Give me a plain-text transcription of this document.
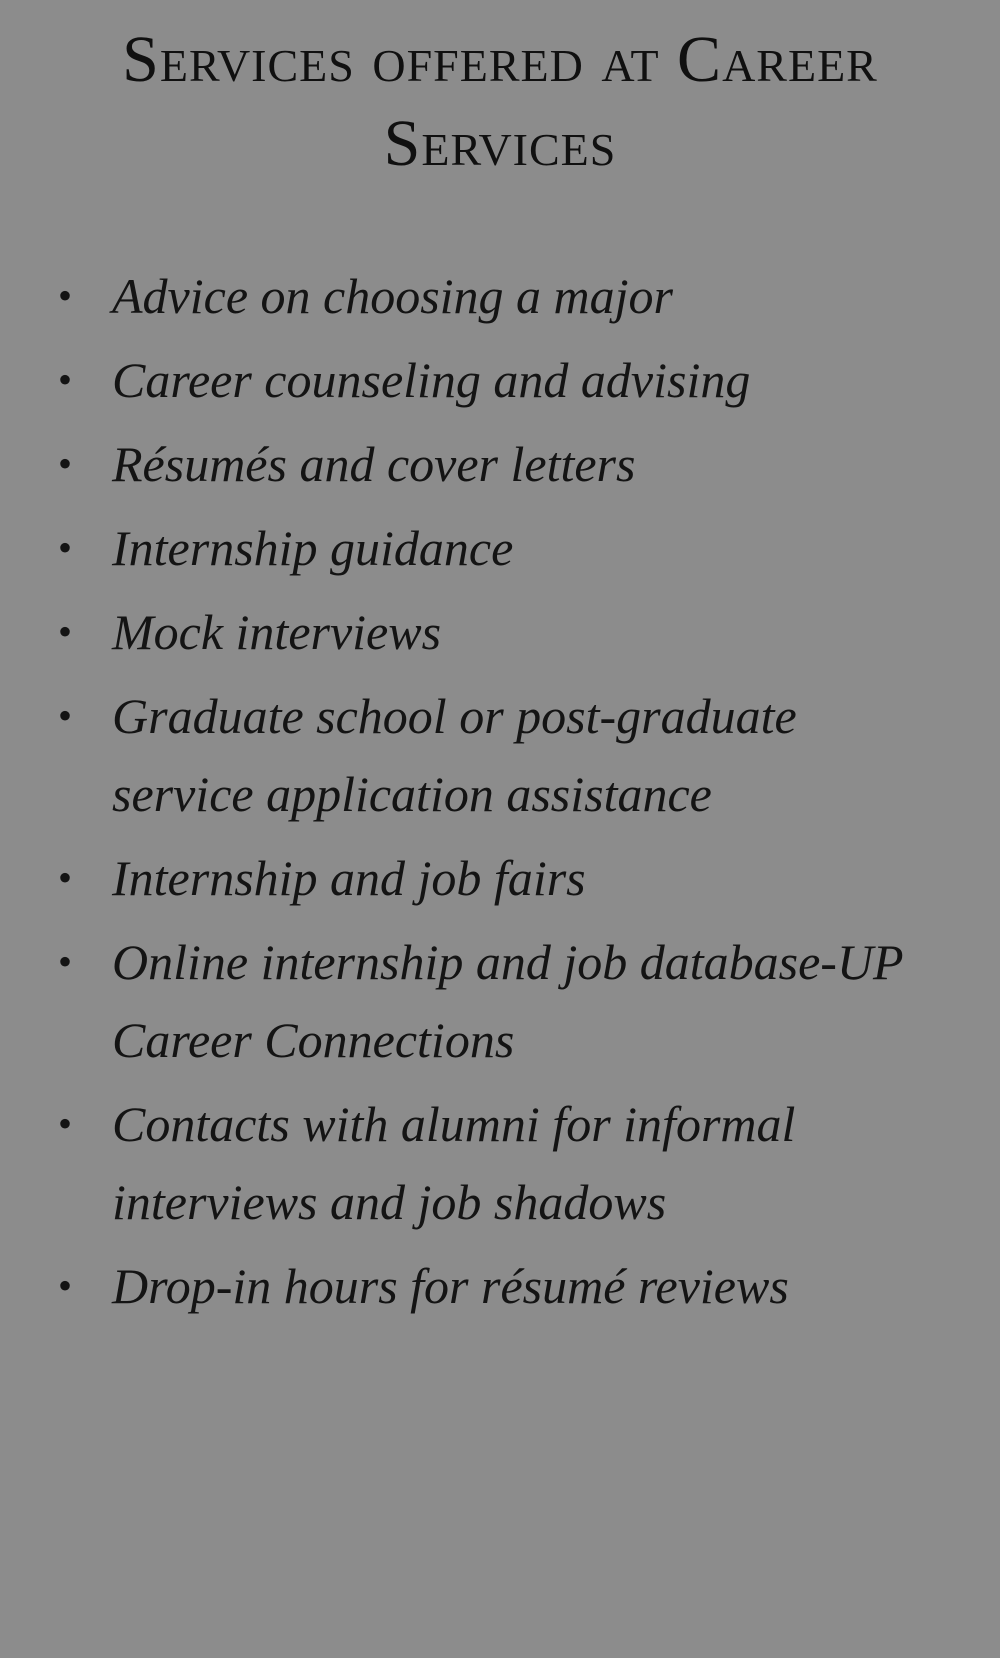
Services offered at Career Services
• Advice on choosing a major
• Career counseling and advising
• Résumés and cover letters
• Internship guidance
• Mock interviews
• Graduate school or post-graduate service application assistance
• Internship and job fairs
• Online internship and job database-UP Career Connections
• Contacts with alumni for informal interviews and job shadows
• Drop-in hours for résumé reviews
